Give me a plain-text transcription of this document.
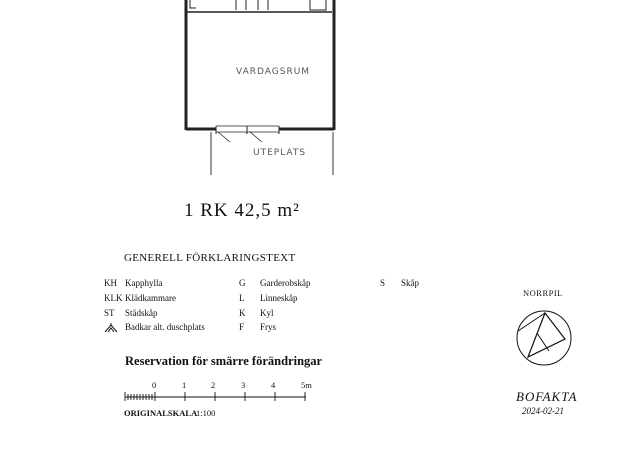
VARDAGSRUM
UTEPLATS
1 RK 42,5 m²
GENERELL FÖRKLARINGSTEXT
KH Kapphylla
KLK Klädkammare
ST Städskåp
Badkar alt. duschplats
G Garderobskåp
L Linneskåp
K Kyl
F Frys
S Skåp
Reservation för smärre förändringar
0	1	2	3	4	5m
ORIGINALSKALA
1:100
NORRPIL
BOFAKTA
2024-02-21
